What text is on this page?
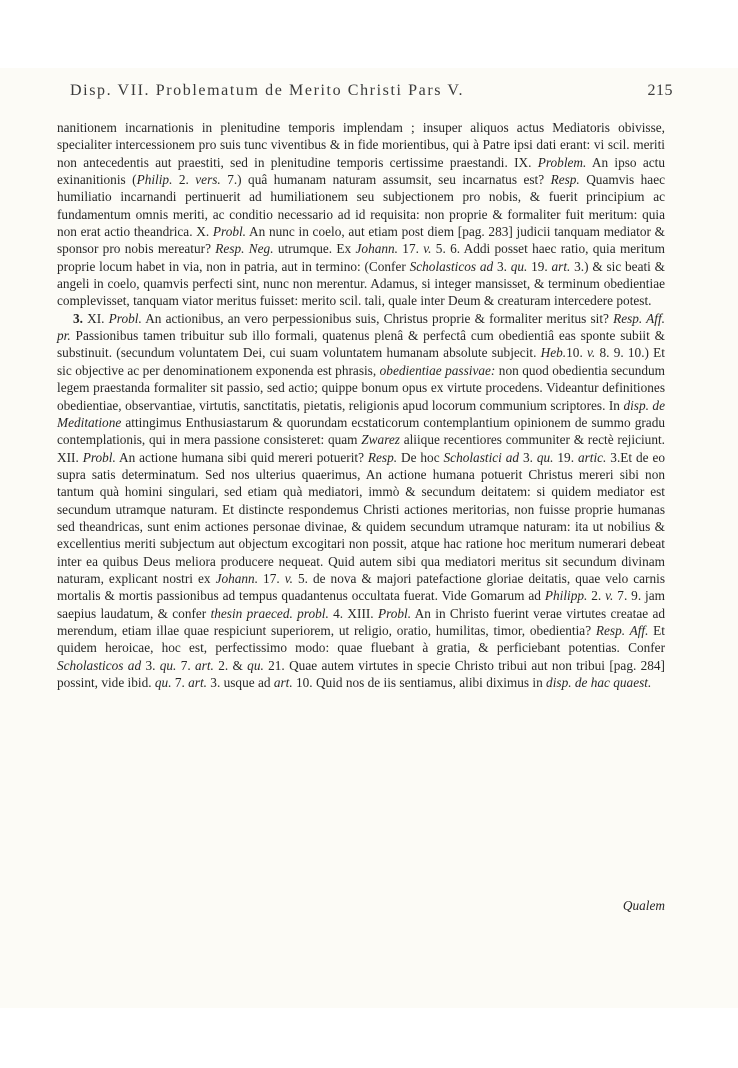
Disp. VII. Problematum de Merito Christi Pars V.	215

nanitionem incarnationis in plenitudine temporis implendam ; insuper aliquos actus Mediatoris obivisse, specialiter intercessionem pro suis tunc viventibus & in fide morientibus, qui à Patre ipsi dati erant: vi scil. meriti non antecedentis aut praestiti, sed in plenitudine temporis certissime praestandi. IX. Problem. An ipso actu exinanitionis (Philip. 2. vers. 7.) quâ humanam naturam assumsit, seu incarnatus est? Resp. Quamvis haec humiliatio incarnandi pertinuerit ad humiliationem seu subjectionem pro nobis, & fuerit principium ac fundamentum omnis meriti, ac conditio necessario ad id requisita: non proprie & formaliter fuit meritum: quia non erat actio theandrica. X. Probl. An nunc in coelo, aut etiam post diem [pag. 283] judicii tanquam mediator & sponsor pro nobis mereatur? Resp. Neg. utrumque. Ex Johann. 17. v. 5. 6. Addi posset haec ratio, quia meritum proprie locum habet in via, non in patria, aut in termino: (Confer Scholasticos ad 3. qu. 19. art. 3.) & sic beati & angeli in coelo, quamvis perfecti sint, nunc non merentur. Adamus, si integer mansisset, & terminum obedientiae complevisset, tanquam viator meritus fuisset: merito scil. tali, quale inter Deum & creaturam intercedere potest.

3. XI. Probl. An actionibus, an vero perpessionibus suis, Christus proprie & formaliter meritus sit? Resp. Aff. pr. Passionibus tamen tribuitur sub illo formali, quatenus plenâ & perfectâ cum obedientiâ eas sponte subiit & substinuit. (secundum voluntatem Dei, cui suam voluntatem humanam absolute subjecit. Heb.10. v. 8. 9. 10.) Et sic objective ac per denominationem exponenda est phrasis, obedientiae passivae: non quod obedientia secundum legem praestanda formaliter sit passio, sed actio; quippe bonum opus ex virtute procedens. Videantur definitiones obedientiae, observantiae, virtutis, sanctitatis, pietatis, religionis apud locorum communium scriptores. In disp. de Meditatione attingimus Enthusiastarum & quorundam ecstaticorum contemplantium opinionem de summo gradu contemplationis, qui in mera passione consisteret: quam Zwarez aliique recentiores communiter & rectè rejiciunt. XII. Probl. An actione humana sibi quid mereri potuerit? Resp. De hoc Scholastici ad 3. qu. 19. artic. 3.Et de eo supra satis determinatum. Sed nos ulterius quaerimus, An actione humana potuerit Christus mereri sibi non tantum quà homini singulari, sed etiam quà mediatori, immò & secundum deitatem: si quidem mediator est secundum utramque naturam. Et distincte respondemus Christi actiones meritorias, non fuisse proprie humanas sed theandricas, sunt enim actiones personae divinae, & quidem secundum utramque naturam: ita ut nobilius & excellentius meriti subjectum aut objectum excogitari non possit, atque hac ratione hoc meritum numerari debeat inter ea quibus Deus meliora producere nequeat. Quid autem sibi qua mediatori meritus sit secundum divinam naturam, explicant nostri ex Johann. 17. v. 5. de nova & majori patefactione gloriae deitatis, quae velo carnis mortalis & mortis passionibus ad tempus quadantenus occultata fuerat. Vide Gomarum ad Philipp. 2. v. 7. 9. jam saepius laudatum, & confer thesin praeced. probl. 4. XIII. Probl. An in Christo fuerint verae virtutes creatae ad merendum, etiam illae quae respiciunt superiorem, ut religio, oratio, humilitas, timor, obedientia? Resp. Aff. Et quidem heroicae, hoc est, perfectissimo modo: quae fluebant à gratia, & perficiebant potentias. Confer Scholasticos ad 3. qu. 7. art. 2. & qu. 21. Quae autem virtutes in specie Christo tribui aut non tribui [pag. 284] possint, vide ibid. qu. 7. art. 3. usque ad art. 10. Quid nos de iis sentiamus, alibi diximus in disp. de hac quaest.

Qualem
